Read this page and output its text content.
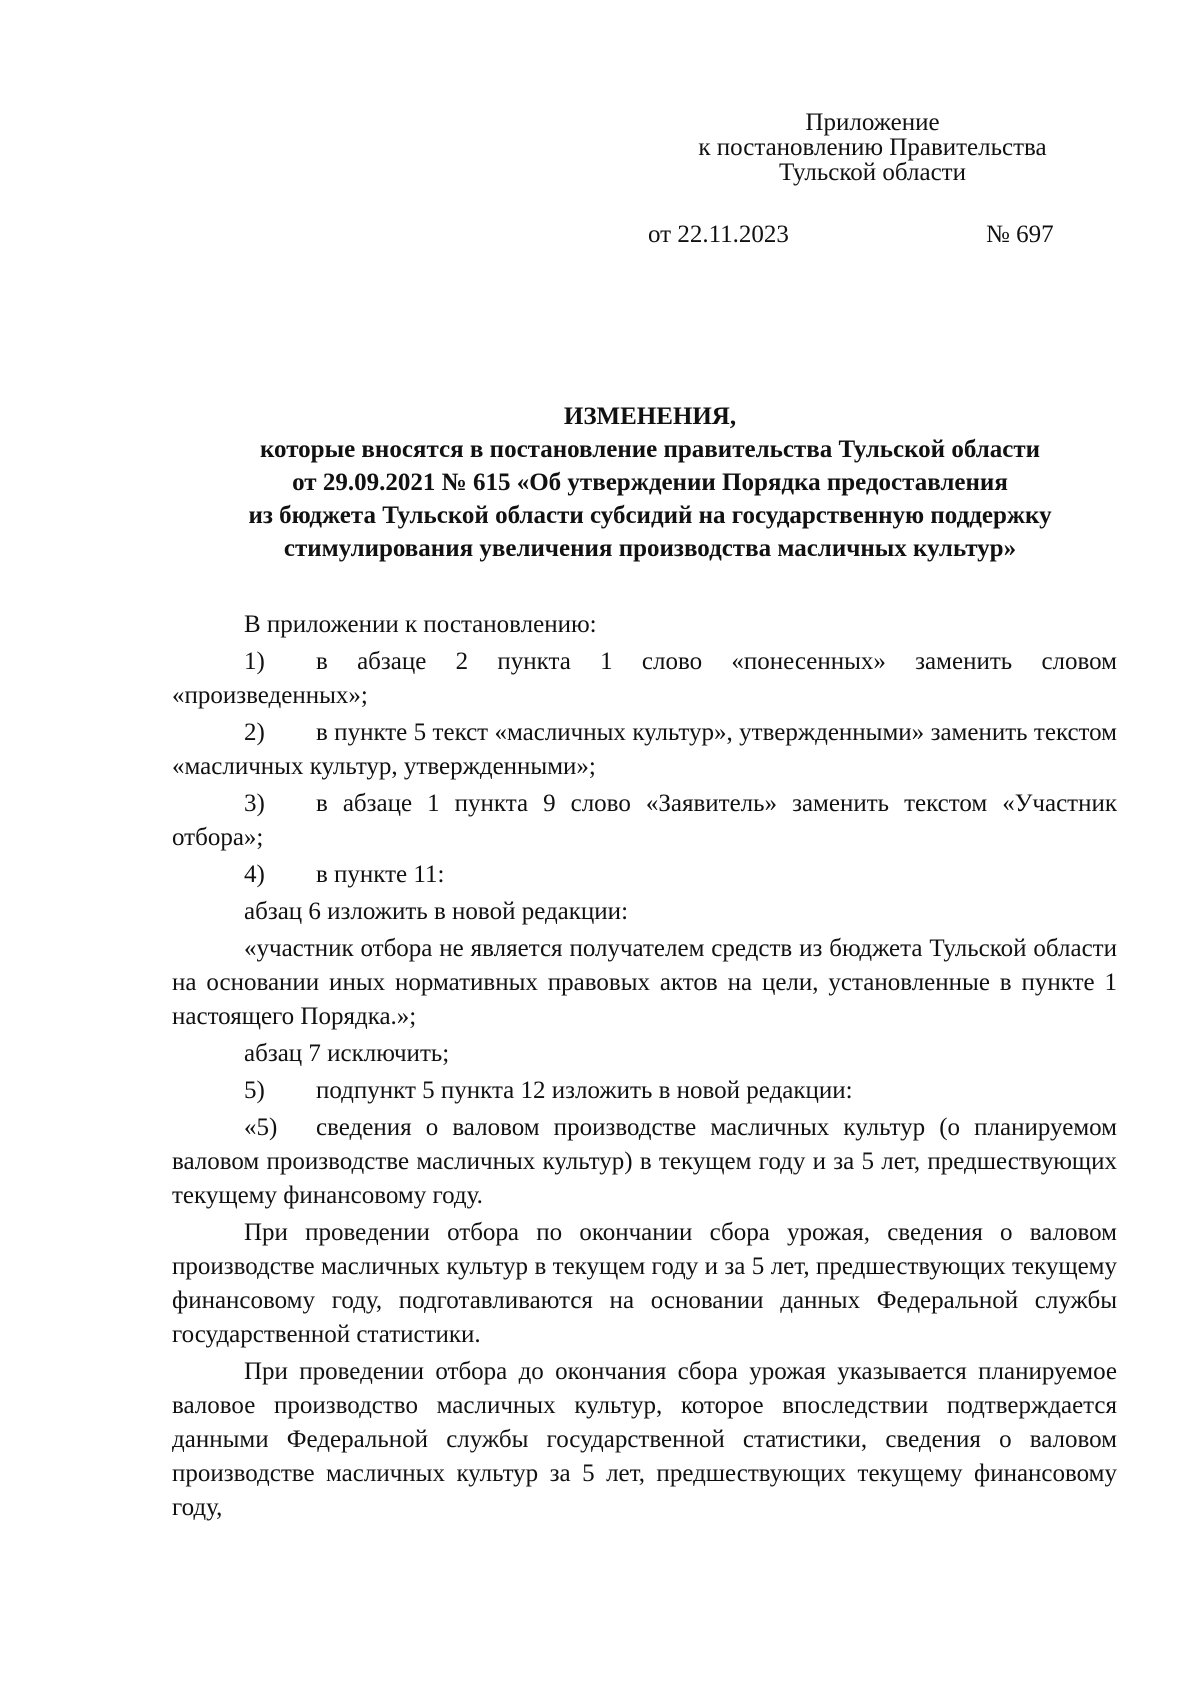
Приложение
к постановлению Правительства
Тульской области
от 22.11.2023	№ 697
ИЗМЕНЕНИЯ,
которые вносятся в постановление правительства Тульской области
от 29.09.2021 № 615 «Об утверждении Порядка предоставления
из бюджета Тульской области субсидий на государственную поддержку
стимулирования увеличения производства масличных культур»

В приложении к постановлению:

1) в абзаце 2 пункта 1 слово «понесенных» заменить словом «произведенных»;

2) в пункте 5 текст «масличных культур», утвержденными» заменить текстом «масличных культур, утвержденными»;

3) в абзаце 1 пункта 9 слово «Заявитель» заменить текстом «Участник отбора»;

4) в пункте 11:

абзац 6 изложить в новой редакции:

«участник отбора не является получателем средств из бюджета Тульской области на основании иных нормативных правовых актов на цели, установленные в пункте 1 настоящего Порядка.»;

абзац 7 исключить;

5) подпункт 5 пункта 12 изложить в новой редакции:

«5) сведения о валовом производстве масличных культур (о планируемом валовом производстве масличных культур) в текущем году и за 5 лет, предшествующих текущему финансовому году.

При проведении отбора по окончании сбора урожая, сведения о валовом производстве масличных культур в текущем году и за 5 лет, предшествующих текущему финансовому году, подготавливаются на основании данных Федеральной службы государственной статистики.

При проведении отбора до окончания сбора урожая указывается планируемое валовое производство масличных культур, которое впоследствии подтверждается данными Федеральной службы государственной статистики, сведения о валовом производстве масличных культур за 5 лет, предшествующих текущему финансовому году,
